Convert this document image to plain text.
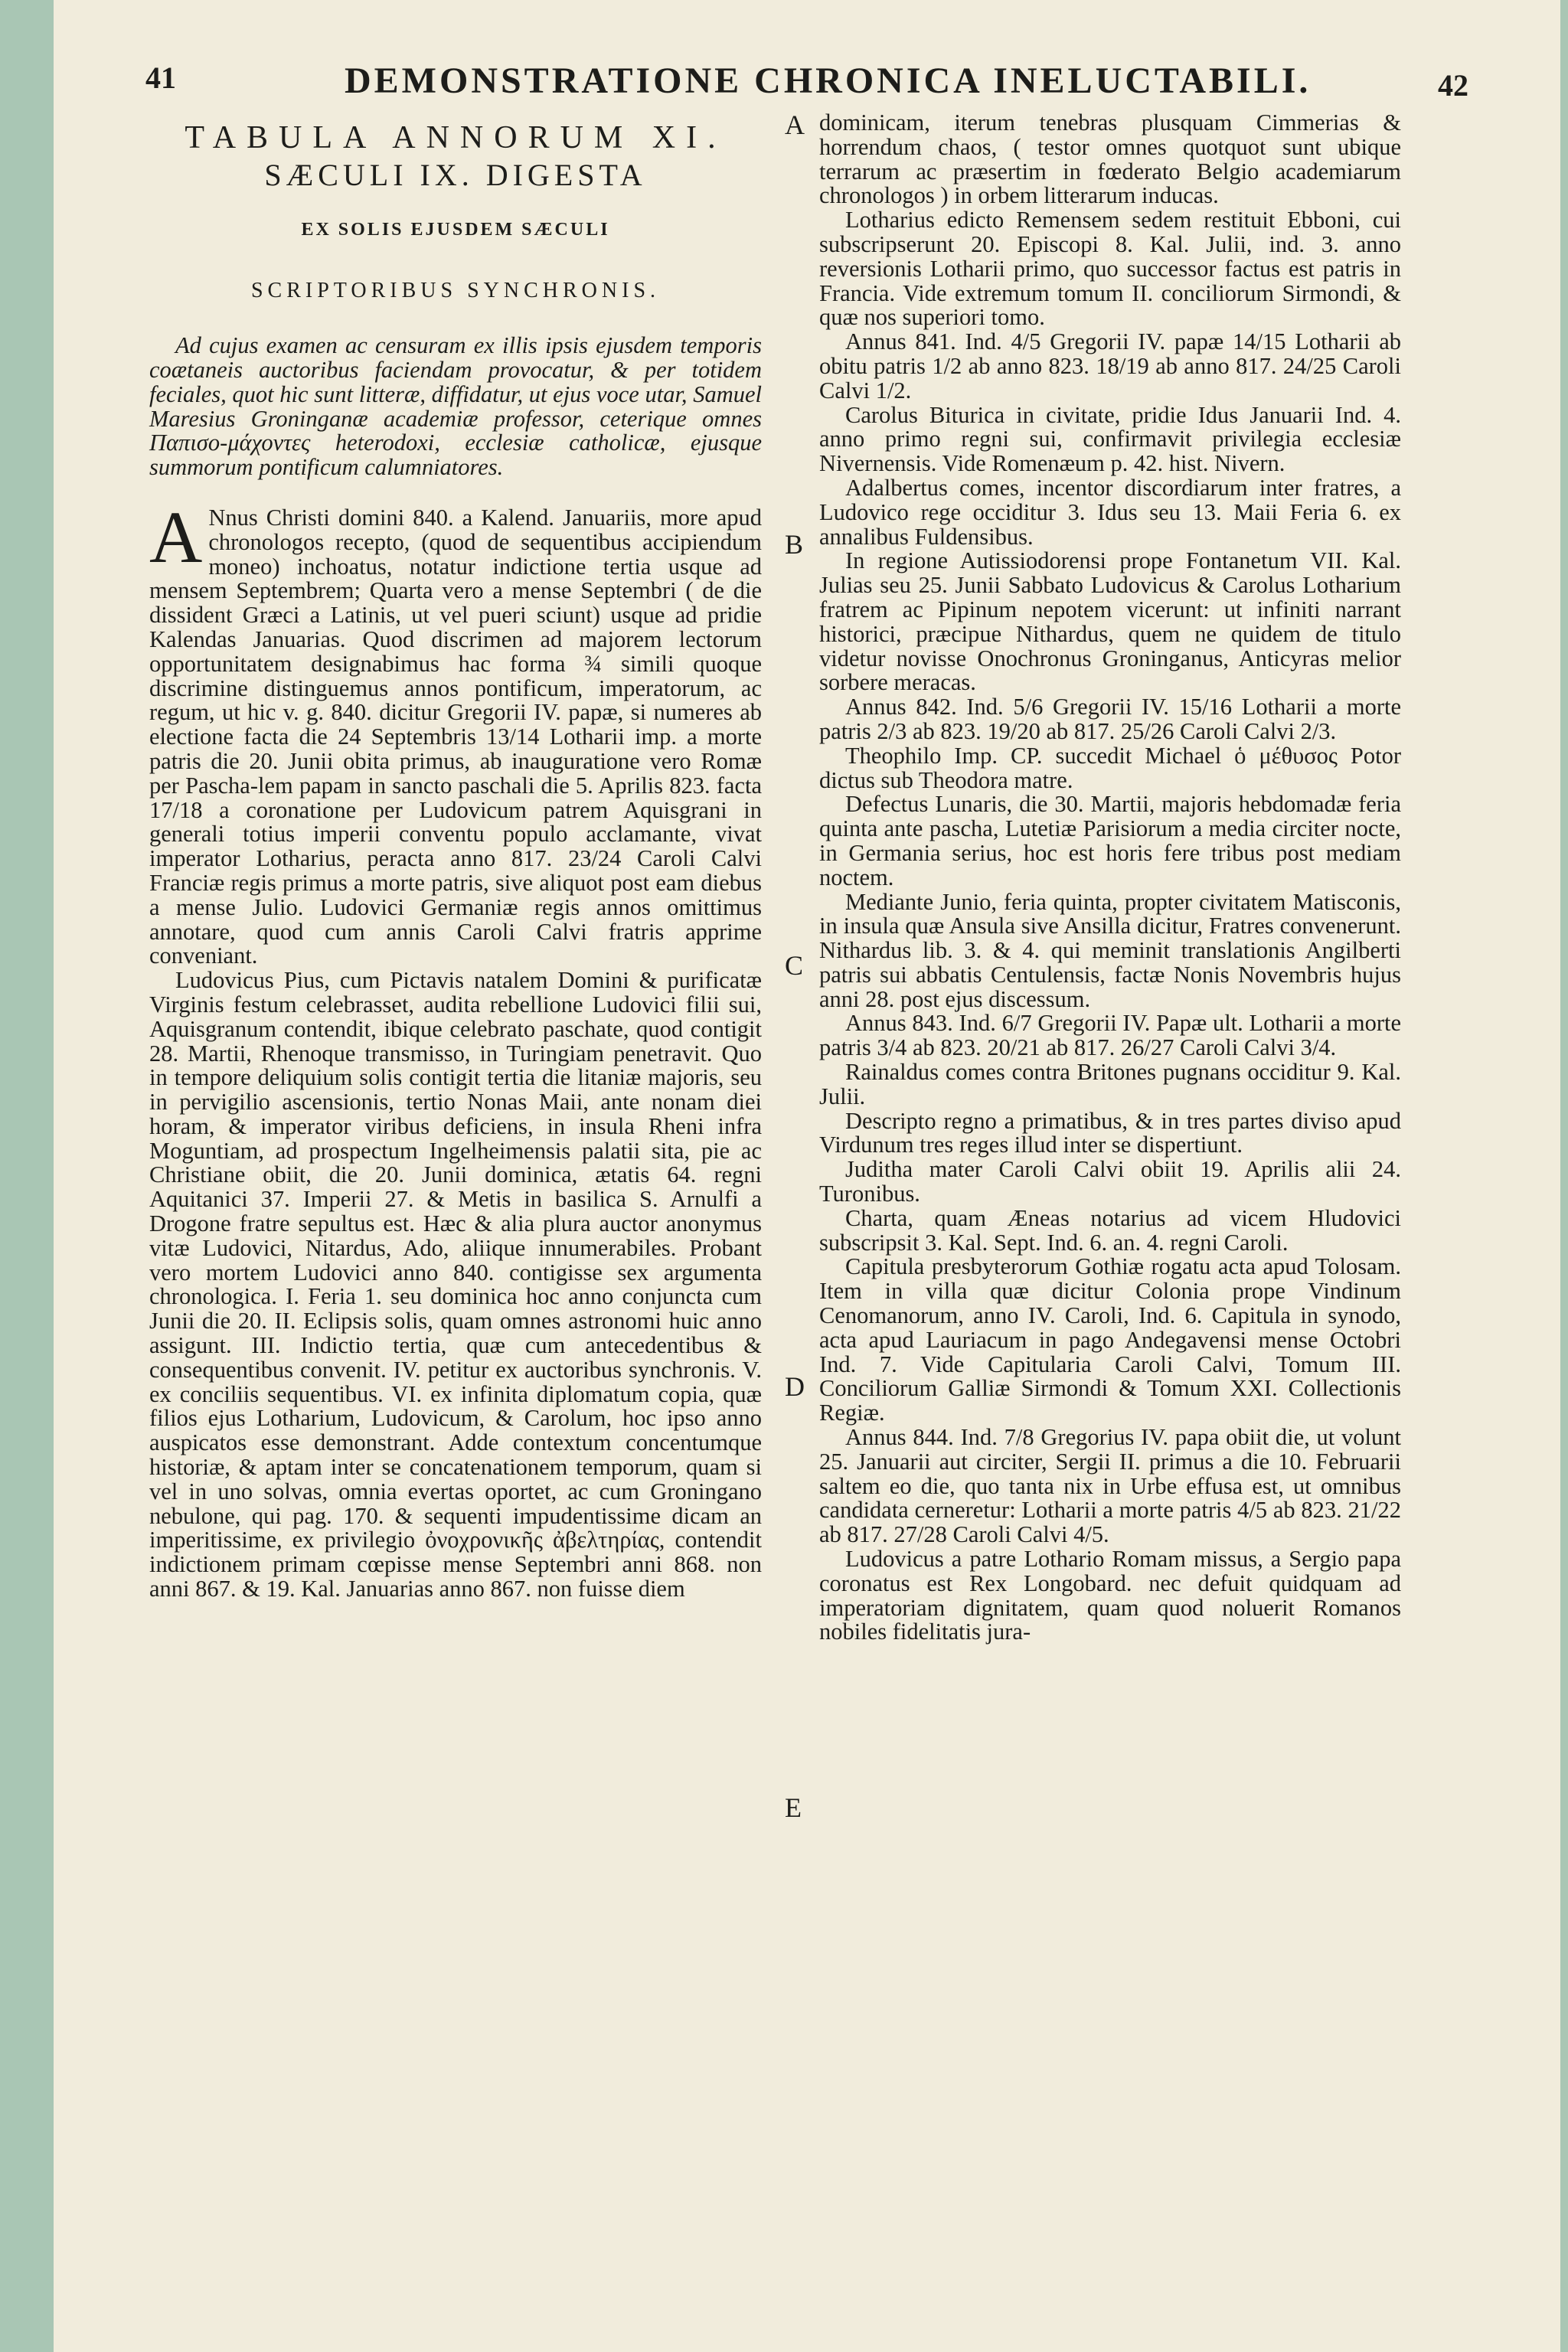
41	DEMONSTRATIONE CHRONICA INELUCTABILI.	42
TABULA ANNORUM XI.
SÆCULI IX. DIGESTA
EX SOLIS EJUSDEM SÆCULI
SCRIPTORIBUS SYNCHRONIS.

Ad cujus examen ac censuram ex illis ipsis ejusdem temporis coætaneis auctoribus faciendam provocatur, & per totidem feciales, quot hic sunt litteræ, diffidatur, ut ejus voce utar, Samuel Maresius Groninganæ academiæ professor, ceterique omnes Παπισο-μάχοντες heterodoxi, ecclesiæ catholicæ, ejusque summorum pontificum calumniatores.

A Nnus Christi domini 840. a Kalend. Januariis, more apud chronologos recepto, (quod de sequentibus accipiendum moneo) inchoatus, notatur indictione tertia usque ad mensem Septembrem; Quarta vero a mense Septembri ( de die dissident Græci a Latinis, ut vel pueri sciunt) usque ad pridie Kalendas Januarias. Quod discrimen ad majorem lectorum opportunitatem designabimus hac forma ¾ simili quoque discrimine distinguemus annos pontificum, imperatorum, ac regum, ut hic v. g. 840. dicitur Gregorii IV. papæ, si numeres ab electione facta die 24 Septembris 13/14 Lotharii imp. a morte patris die 20. Junii obita primus, ab inauguratione vero Romæ per Pascha-lem papam in sancto paschali die 5. Aprilis 823. facta 17/18 a coronatione per Ludovicum patrem Aquisgrani in generali totius imperii conventu populo acclamante, vivat imperator Lotharius, peracta anno 817. 23/24 Caroli Calvi Franciæ regis primus a morte patris, sive aliquot post eam diebus a mense Julio. Ludovici Germaniæ regis annos omittimus annotare, quod cum annis Caroli Calvi fratris apprime conveniant.

Ludovicus Pius, cum Pictavis natalem Domini & purificatæ Virginis festum celebrasset, audita rebellione Ludovici filii sui, Aquisgranum contendit, ibique celebrato paschate, quod contigit 28. Martii, Rhenoque transmisso, in Turingiam penetravit. Quo in tempore deliquium solis contigit tertia die litaniæ majoris, seu in pervigilio ascensionis, tertio Nonas Maii, ante nonam diei horam, & imperator viribus deficiens, in insula Rheni infra Moguntiam, ad prospectum Ingelheimensis palatii sita, pie ac Christiane obiit, die 20. Junii dominica, ætatis 64. regni Aquitanici 37. Imperii 27. & Metis in basilica S. Arnulfi a Drogone fratre sepultus est. Hæc & alia plura auctor anonymus vitæ Ludovici, Nitardus, Ado, aliique innumerabiles. Probant vero mortem Ludovici anno 840. contigisse sex argumenta chronologica. I. Feria 1. seu dominica hoc anno conjuncta cum Junii die 20. II. Eclipsis solis, quam omnes astronomi huic anno assigunt. III. Indictio tertia, quæ cum antecedentibus & consequentibus convenit. IV. petitur ex auctoribus synchronis. V. ex conciliis sequentibus. VI. ex infinita diplomatum copia, quæ filios ejus Lotharium, Ludovicum, & Carolum, hoc ipso anno auspicatos esse demonstrant. Adde contextum concentumque historiæ, & aptam inter se concatenationem temporum, quam si vel in uno solvas, omnia evertas oportet, ac cum Groningano nebulone, qui pag. 170. & sequenti impudentissime dicam an imperitissime, ex privilegio ὀνοχρονικῆς ἀβελτηρίας, contendit indictionem primam cœpisse mense Septembri anni 868. non anni 867. & 19. Kal. Januarias anno 867. non fuisse diem

A
B
C
D
E

dominicam, iterum tenebras plusquam Cimmerias & horrendum chaos, ( testor omnes quotquot sunt ubique terrarum ac præsertim in fœderato Belgio academiarum chronologos ) in orbem litterarum inducas.

Lotharius edicto Remensem sedem restituit Ebboni, cui subscripserunt 20. Episcopi 8. Kal. Julii, ind. 3. anno reversionis Lotharii primo, quo successor factus est patris in Francia. Vide extremum tomum II. conciliorum Sirmondi, & quæ nos superiori tomo.

Annus 841. Ind. 4/5 Gregorii IV. papæ 14/15 Lotharii ab obitu patris 1/2 ab anno 823. 18/19 ab anno 817. 24/25 Caroli Calvi 1/2.

Carolus Biturica in civitate, pridie Idus Januarii Ind. 4. anno primo regni sui, confirmavit privilegia ecclesiæ Nivernensis. Vide Romenæum p. 42. hist. Nivern.

Adalbertus comes, incentor discordiarum inter fratres, a Ludovico rege occiditur 3. Idus seu 13. Maii Feria 6. ex annalibus Fuldensibus.

In regione Autissiodorensi prope Fontanetum VII. Kal. Julias seu 25. Junii Sabbato Ludovicus & Carolus Lotharium fratrem ac Pipinum nepotem vicerunt: ut infiniti narrant historici, præcipue Nithardus, quem ne quidem de titulo videtur novisse Onochronus Groninganus, Anticyras melior sorbere meracas.

Annus 842. Ind. 5/6 Gregorii IV. 15/16 Lotharii a morte patris 2/3 ab 823. 19/20 ab 817. 25/26 Caroli Calvi 2/3.

Theophilo Imp. CP. succedit Michael ὁ μέθυσος Potor dictus sub Theodora matre.

Defectus Lunaris, die 30. Martii, majoris hebdomadæ feria quinta ante pascha, Lutetiæ Parisiorum a media circiter nocte, in Germania serius, hoc est horis fere tribus post mediam noctem.

Mediante Junio, feria quinta, propter civitatem Matisconis, in insula quæ Ansula sive Ansilla dicitur, Fratres convenerunt. Nithardus lib. 3. & 4. qui meminit translationis Angilberti patris sui abbatis Centulensis, factæ Nonis Novembris hujus anni 28. post ejus discessum.

Annus 843. Ind. 6/7 Gregorii IV. Papæ ult. Lotharii a morte patris 3/4 ab 823. 20/21 ab 817. 26/27 Caroli Calvi 3/4.

Rainaldus comes contra Britones pugnans occiditur 9. Kal. Julii.

Descripto regno a primatibus, & in tres partes diviso apud Virdunum tres reges illud inter se dispertiunt.

Juditha mater Caroli Calvi obiit 19. Aprilis alii 24. Turonibus.

Charta, quam Æneas notarius ad vicem Hludovici subscripsit 3. Kal. Sept. Ind. 6. an. 4. regni Caroli.

Capitula presbyterorum Gothiæ rogatu acta apud Tolosam. Item in villa quæ dicitur Colonia prope Vindinum Cenomanorum, anno IV. Caroli, Ind. 6. Capitula in synodo, acta apud Lauriacum in pago Andegavensi mense Octobri Ind. 7. Vide Capitularia Caroli Calvi, Tomum III. Conciliorum Galliæ Sirmondi & Tomum XXI. Collectionis Regiæ.

Annus 844. Ind. 7/8 Gregorius IV. papa obiit die, ut volunt 25. Januarii aut circiter, Sergii II. primus a die 10. Februarii saltem eo die, quo tanta nix in Urbe effusa est, ut omnibus candidata cerneretur: Lotharii a morte patris 4/5 ab 823. 21/22 ab 817. 27/28 Caroli Calvi 4/5.

Ludovicus a patre Lothario Romam missus, a Sergio papa coronatus est Rex Longobard. nec defuit quidquam ad imperatoriam dignitatem, quam quod noluerit Romanos nobiles fidelitatis jura-
